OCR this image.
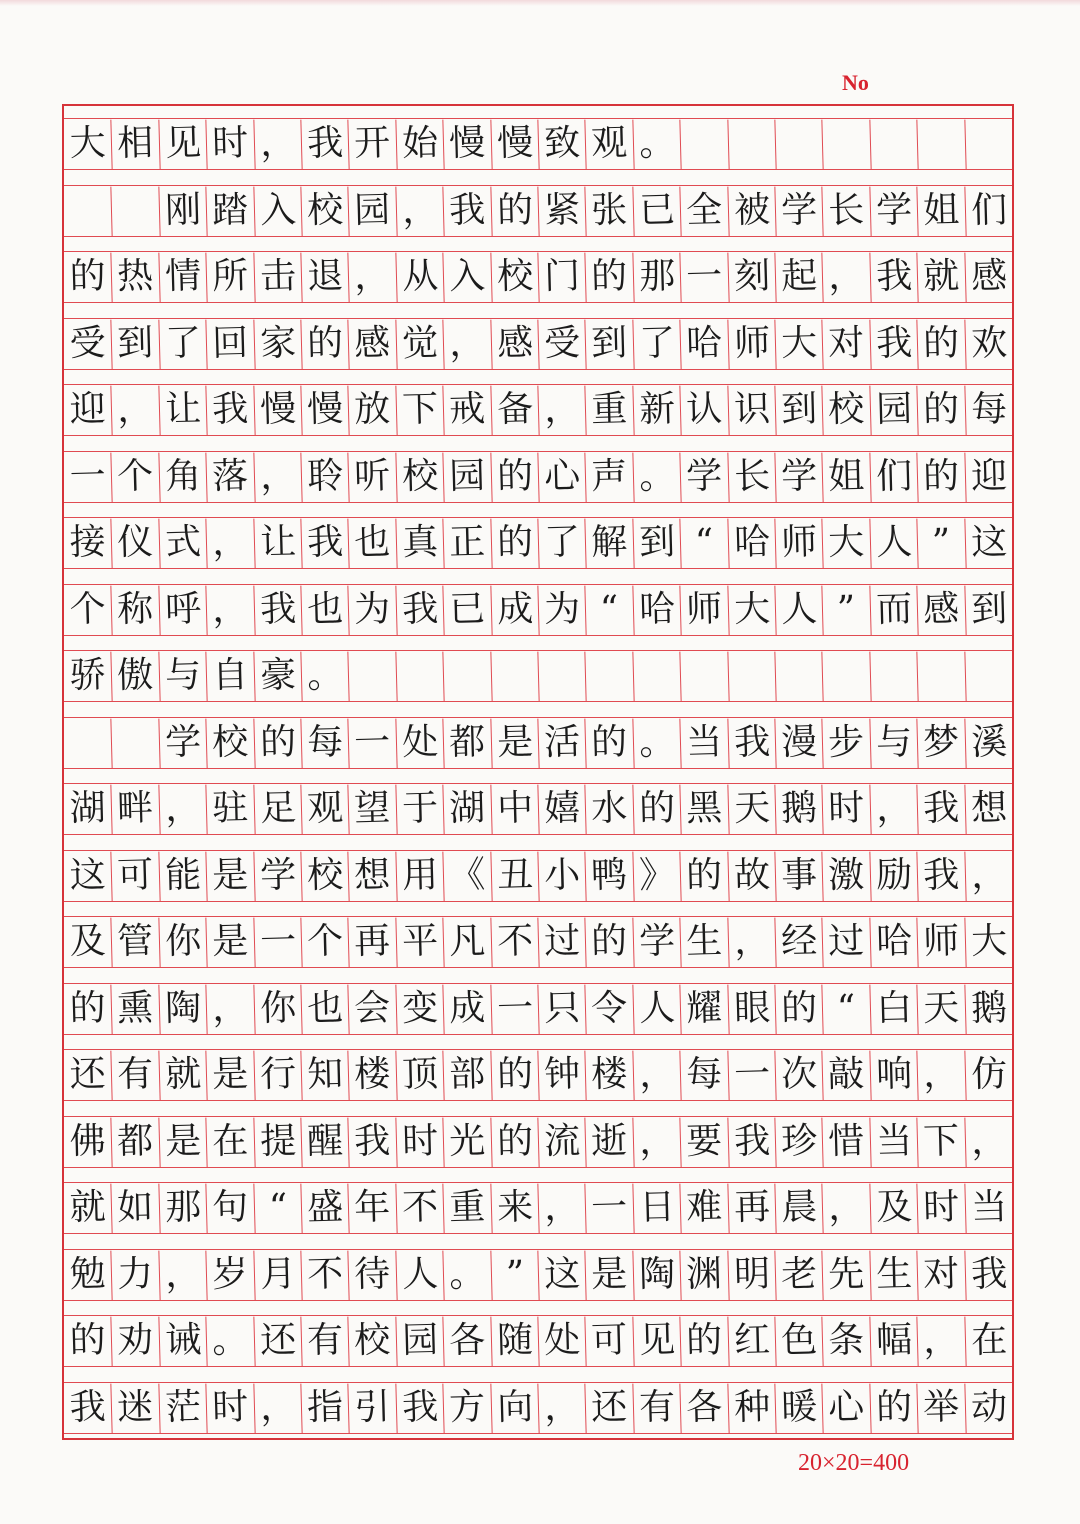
No
大 相 见 时 ， 我 开 始 慢 慢 致 观 。
刚 踏 入 校 园 ， 我 的 紧 张 已 全 被 学 长 学 姐 们
的 热 情 所 击 退 ， 从 入 校 门 的 那 一 刻 起 ， 我 就 感
受 到 了 回 家 的 感 觉 ， 感 受 到 了 哈 师 大 对 我 的 欢
迎 ， 让 我 慢 慢 放 下 戒 备 ， 重 新 认 识 到 校 园 的 每
一 个 角 落 ， 聆 听 校 园 的 心 声 。 学 长 学 姐 们 的 迎
接 仪 式 ， 让 我 也 真 正 的 了 解 到 “ 哈 师 大 人 ” 这
个 称 呼 ， 我 也 为 我 已 成 为 “ 哈 师 大 人 ” 而 感 到
骄 傲 与 自 豪 。
学 校 的 每 一 处 都 是 活 的 。 当 我 漫 步 与 梦 溪
湖 畔 ， 驻 足 观 望 于 湖 中 嬉 水 的 黑 天 鹅 时 ， 我 想
这 可 能 是 学 校 想 用 《 丑 小 鸭 》 的 故 事 激 励 我 ，
及 管 你 是 一 个 再 平 凡 不 过 的 学 生 ， 经 过 哈 师 大
的 熏 陶 ， 你 也 会 变 成 一 只 令 人 耀 眼 的 “ 白 天 鹅
还 有 就 是 行 知 楼 顶 部 的 钟 楼 ， 每 一 次 敲 响 ， 仿
佛 都 是 在 提 醒 我 时 光 的 流 逝 ， 要 我 珍 惜 当 下 ，
就 如 那 句 “ 盛 年 不 重 来 ， 一 日 难 再 晨 ， 及 时 当
勉 力 ， 岁 月 不 待 人 。 ” 这 是 陶 渊 明 老 先 生 对 我
的 劝 诫 。 还 有 校 园 各 随 处 可 见 的 红 色 条 幅 ， 在
我 迷 茫 时 ， 指 引 我 方 向 ， 还 有 各 种 暖 心 的 举 动
20×20=400
